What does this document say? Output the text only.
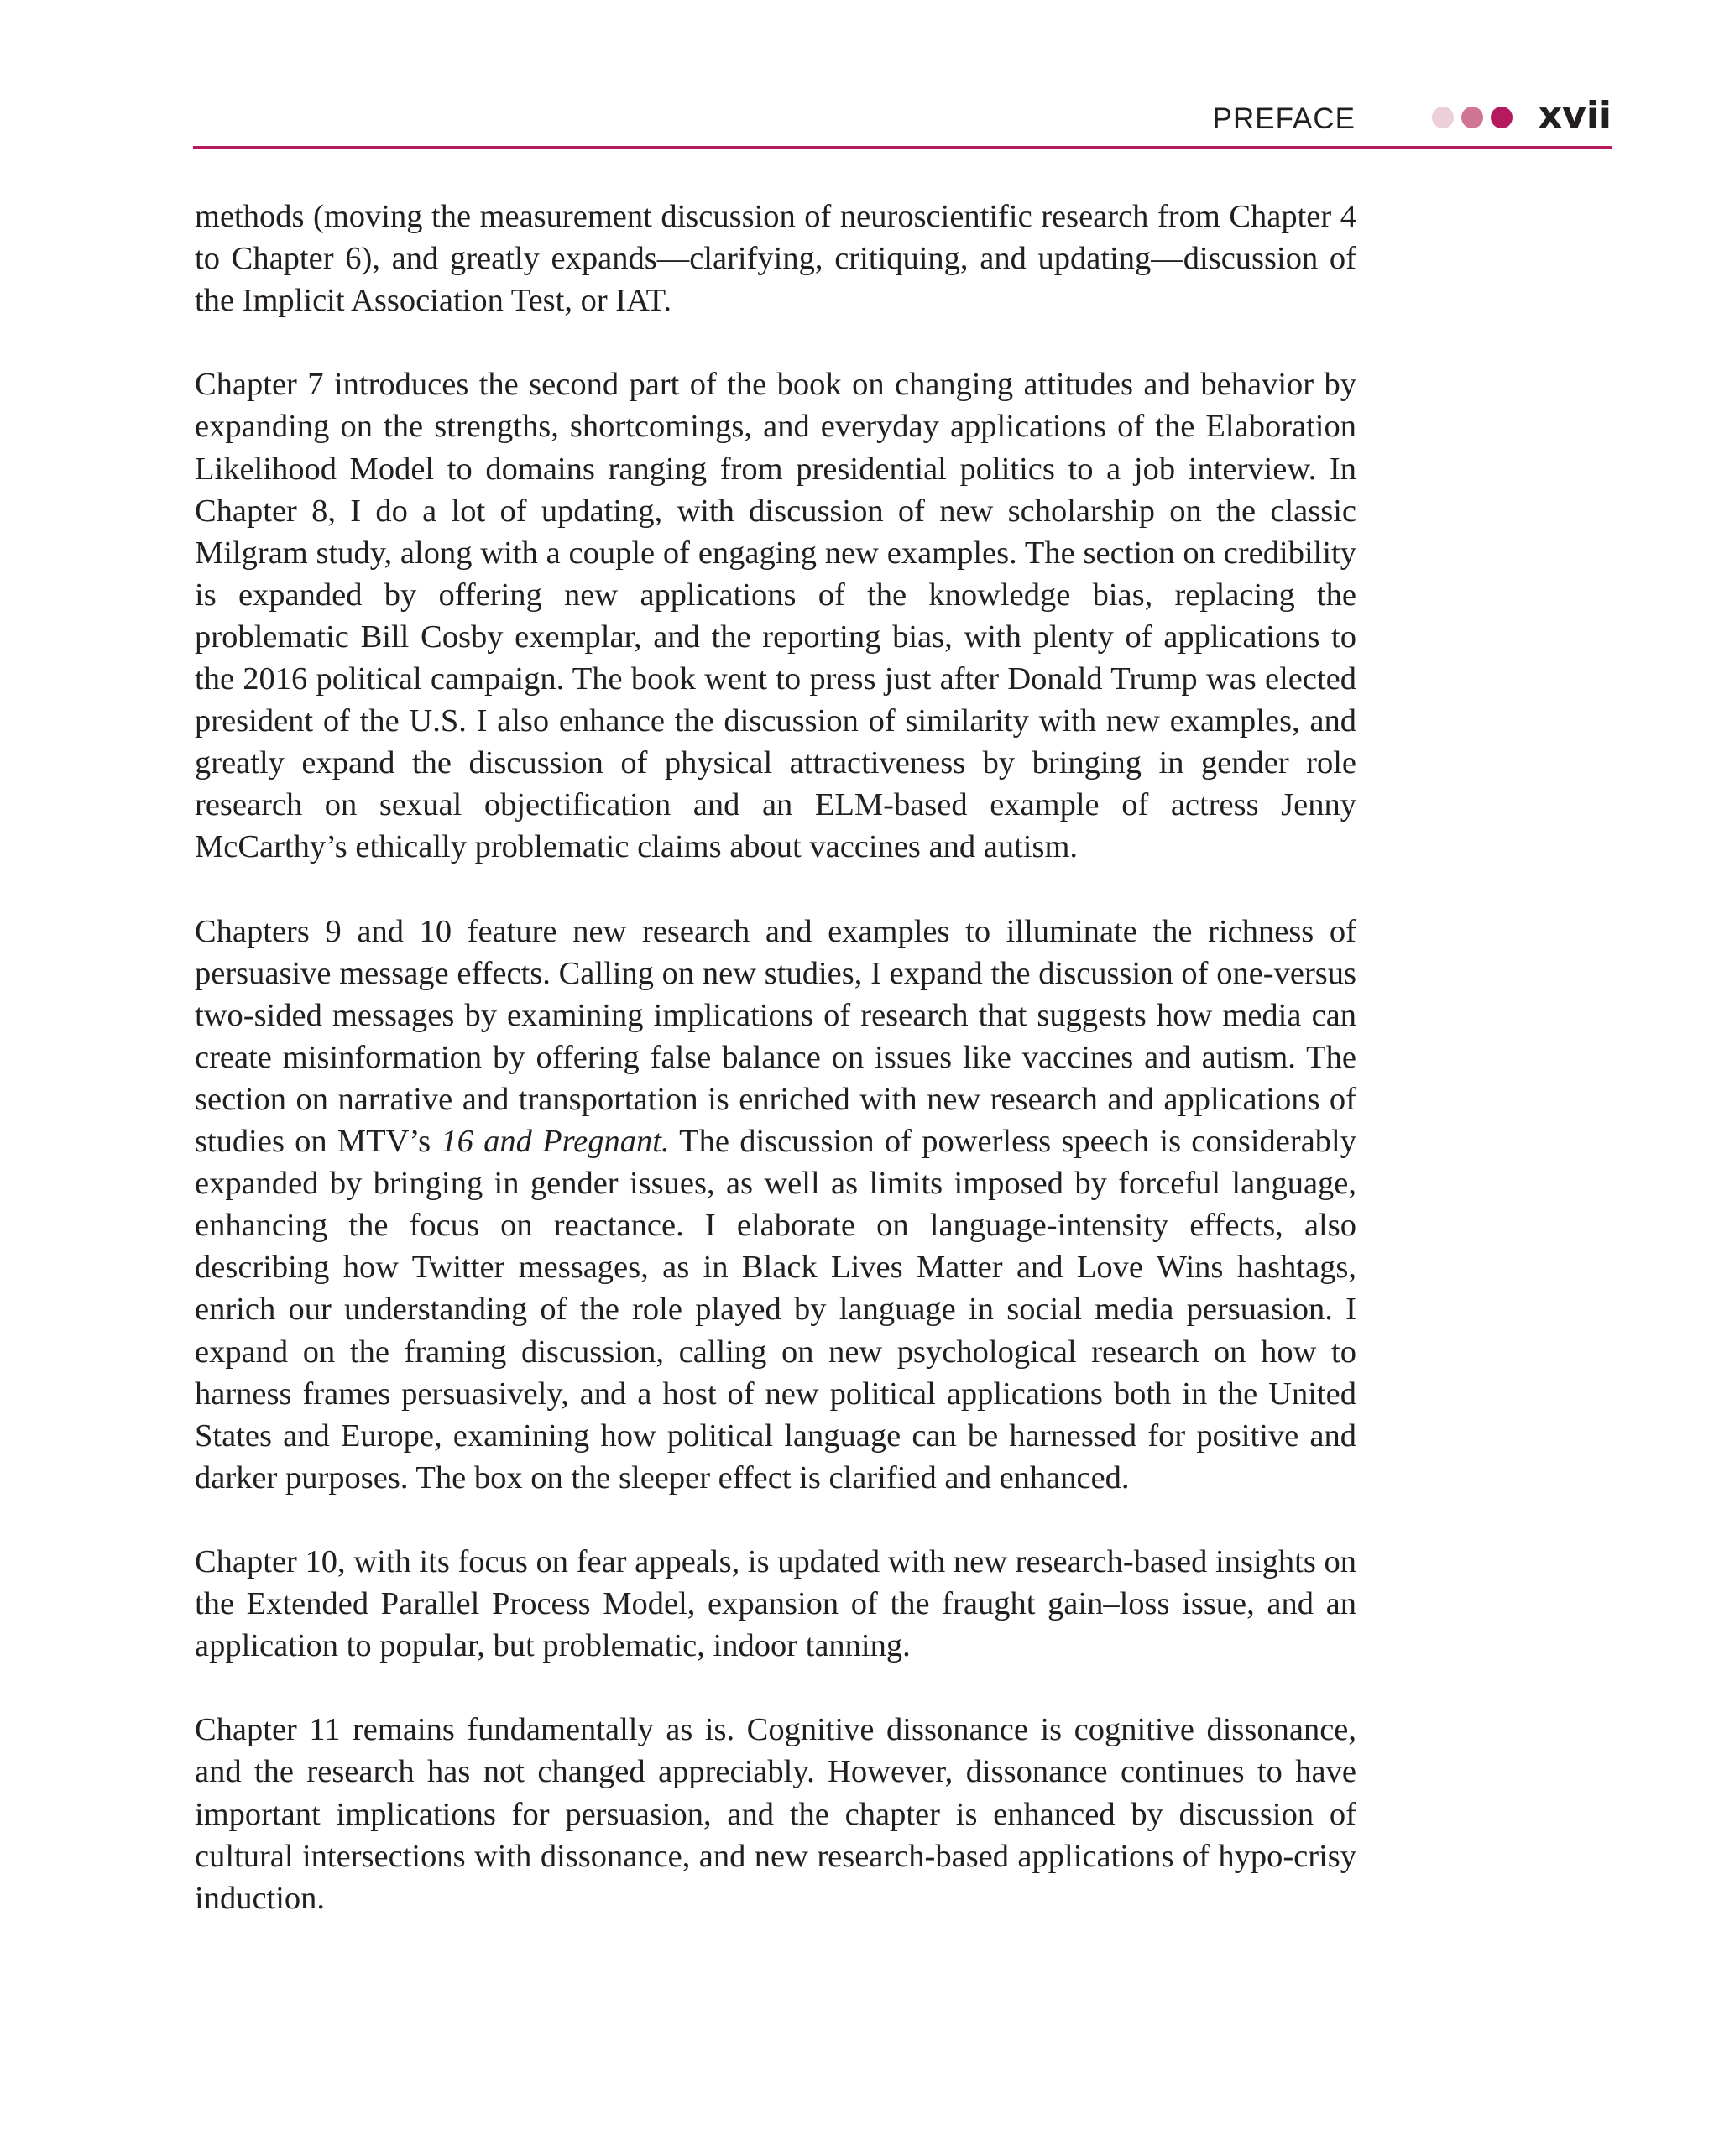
PREFACE	xvii

methods (moving the measurement discussion of neuroscientific research from Chapter 4 to Chapter 6), and greatly expands—clarifying, critiquing, and updating—discussion of the Implicit Association Test, or IAT.

Chapter 7 introduces the second part of the book on changing attitudes and behavior by expanding on the strengths, shortcomings, and everyday applications of the Elaboration Likelihood Model to domains ranging from presidential politics to a job interview. In Chapter 8, I do a lot of updating, with discussion of new scholarship on the classic Milgram study, along with a couple of engaging new examples. The section on credibility is expanded by offering new applications of the knowledge bias, replacing the problematic Bill Cosby exemplar, and the reporting bias, with plenty of applications to the 2016 political campaign. The book went to press just after Donald Trump was elected president of the U.S. I also enhance the discussion of similarity with new examples, and greatly expand the discussion of physical attractiveness by bringing in gender role research on sexual objectification and an ELM-based example of actress Jenny McCarthy’s ethically problematic claims about vaccines and autism.

Chapters 9 and 10 feature new research and examples to illuminate the richness of persuasive message effects. Calling on new studies, I expand the discussion of one-versus two-sided messages by examining implications of research that suggests how media can create misinformation by offering false balance on issues like vaccines and autism. The section on narrative and transportation is enriched with new research and applications of studies on MTV’s 16 and Pregnant. The discussion of powerless speech is considerably expanded by bringing in gender issues, as well as limits imposed by forceful language, enhancing the focus on reactance. I elaborate on language-intensity effects, also describing how Twitter messages, as in Black Lives Matter and Love Wins hashtags, enrich our understanding of the role played by language in social media persuasion. I expand on the framing discussion, calling on new psychological research on how to harness frames persuasively, and a host of new political applications both in the United States and Europe, examining how political language can be harnessed for positive and darker purposes. The box on the sleeper effect is clarified and enhanced.

Chapter 10, with its focus on fear appeals, is updated with new research-based insights on the Extended Parallel Process Model, expansion of the fraught gain–loss issue, and an application to popular, but problematic, indoor tanning.

Chapter 11 remains fundamentally as is. Cognitive dissonance is cognitive dissonance, and the research has not changed appreciably. However, dissonance continues to have important implications for persuasion, and the chapter is enhanced by discussion of cultural intersections with dissonance, and new research-based applications of hypo-crisy induction.
